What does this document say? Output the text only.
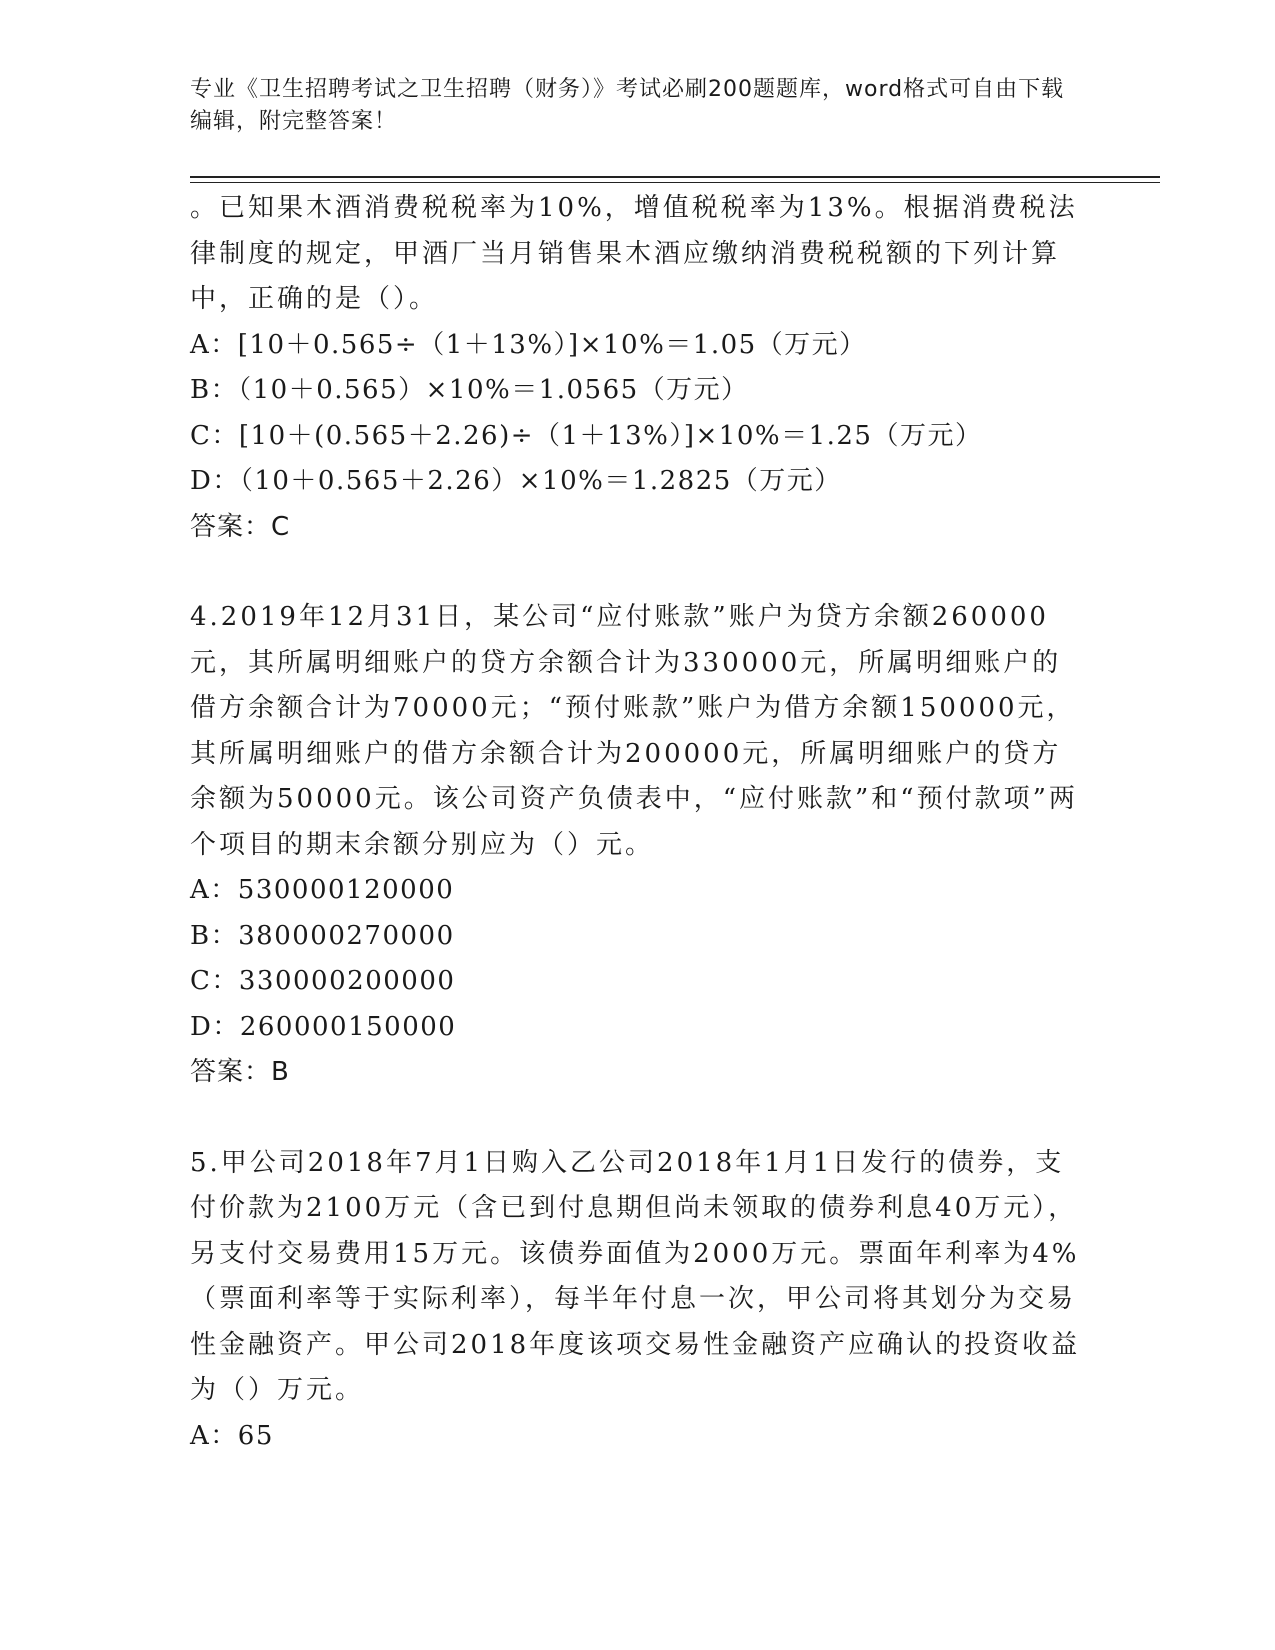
专业《卫生招聘考试之卫生招聘（财务）》考试必刷200题题库，word格式可自由下载编辑，附完整答案！

。已知果木酒消费税税率为10%，增值税税率为13%。根据消费税法律制度的规定，甲酒厂当月销售果木酒应缴纳消费税税额的下列计算中，正确的是（）。

A：[10＋0.565÷（1＋13%）]×10%＝1.05（万元）

B：（10＋0.565）×10%＝1.0565（万元）

C：[10＋(0.565＋2.26)÷（1＋13%）]×10%＝1.25（万元）

D：（10＋0.565＋2.26）×10%＝1.2825（万元）

答案：C

4.2019年12月31日，某公司“应付账款”账户为贷方余额260000元，其所属明细账户的贷方余额合计为330000元，所属明细账户的借方余额合计为70000元；“预付账款”账户为借方余额150000元，其所属明细账户的借方余额合计为200000元，所属明细账户的贷方余额为50000元。该公司资产负债表中，“应付账款”和“预付款项”两个项目的期末余额分别应为（）元。

A：530000120000

B：380000270000

C：330000200000

D：260000150000

答案：B

5.甲公司2018年7月1日购入乙公司2018年1月1日发行的债券，支付价款为2100万元（含已到付息期但尚未领取的债券利息40万元），另支付交易费用15万元。该债券面值为2000万元。票面年利率为4%（票面利率等于实际利率），每半年付息一次，甲公司将其划分为交易性金融资产。甲公司2018年度该项交易性金融资产应确认的投资收益为（）万元。

A：65
